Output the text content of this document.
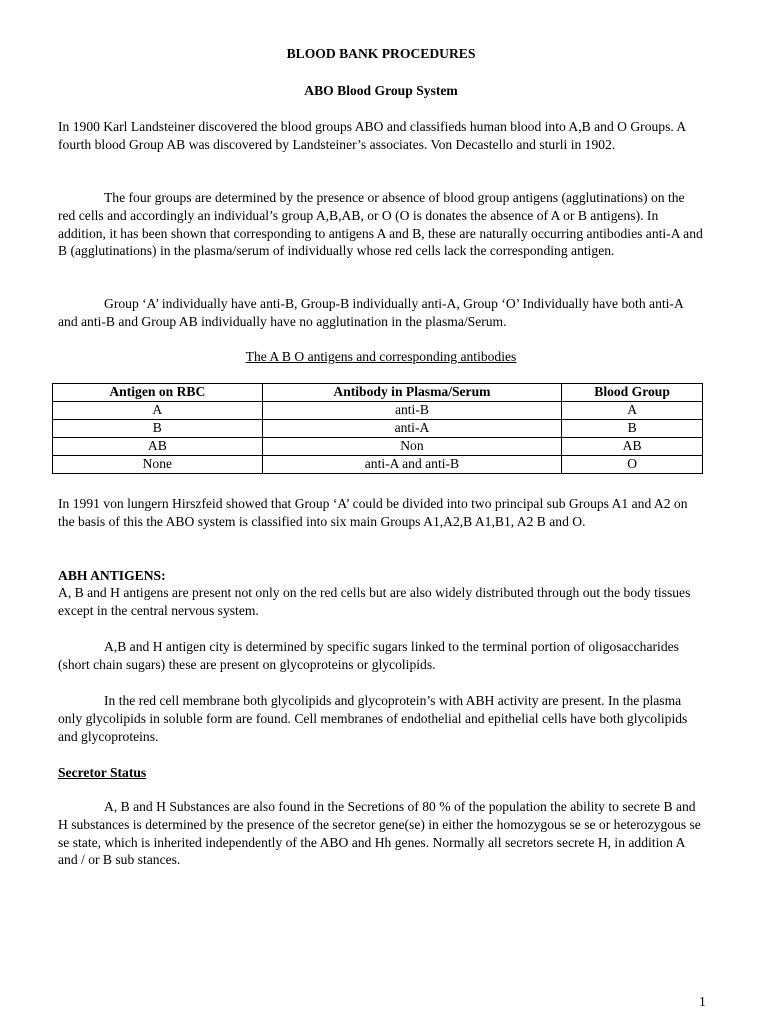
BLOOD BANK PROCEDURES
ABO Blood Group System

In 1900 Karl Landsteiner discovered the blood groups ABO and classifieds human blood into A,B and O Groups. A fourth blood Group AB was discovered by Landsteiner’s associates. Von Decastello and sturli in 1902.

The four groups are determined by the presence or absence of blood group antigens (agglutinations) on the red cells and accordingly an individual’s group A,B,AB, or O (O is donates the absence of A or B antigens). In addition, it has been shown that corresponding to antigens A and B, these are naturally occurring antibodies anti-A and B (agglutinations) in the plasma/serum of individually whose red cells lack the corresponding antigen.

Group ‘A’ individually have anti-B, Group-B individually anti-A, Group ‘O’ Individually have both anti-A and anti-B and Group AB individually have no agglutination in the plasma/Serum.

The A B O antigens and corresponding antibodies
Antigen on RBC	Antibody in Plasma/Serum	Blood Group
A	anti-B	A
B	anti-A	B
AB	Non	AB
None	anti-A and anti-B	O

In 1991 von lungern Hirszfeid showed that Group ‘A’ could be divided into two principal sub Groups A1 and A2 on the basis of this the ABO system is classified into six main Groups A1,A2,B A1,B1, A2 B and O.

ABH ANTIGENS:

A, B and H antigens are present not only on the red cells but are also widely distributed through out the body tissues except in the central nervous system.

A,B and H antigen city is determined by specific sugars linked to the terminal portion of oligosaccharides (short chain sugars) these are present on glycoproteins or glycolipids.

In the red cell membrane both glycolipids and glycoprotein’s with ABH activity are present. In the plasma only glycolipids in soluble form are found. Cell membranes of endothelial and epithelial cells have both glycolipids and glycoproteins.

Secretor Status

A, B and H Substances are also found in the Secretions of 80 % of the population the ability to secrete B and H substances is determined by the presence of the secretor gene(se) in either the homozygous se se or heterozygous se se state, which is inherited independently of the ABO and Hh genes. Normally all secretors secrete H, in addition A and / or B sub stances.

1
